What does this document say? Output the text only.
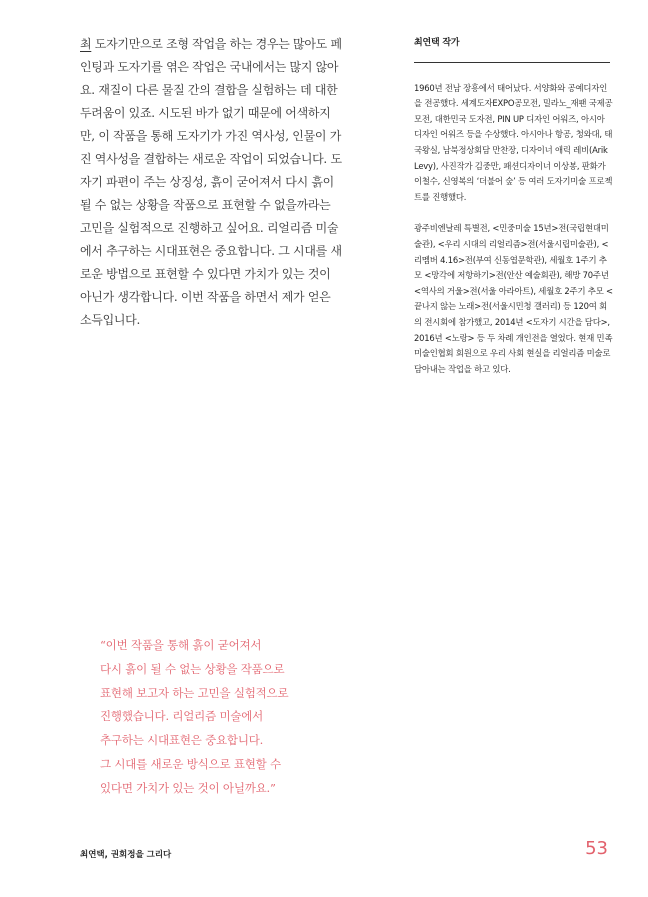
최 도자기만으로 조형 작업을 하는 경우는 많아도 페인팅과 도자기를 엮은 작업은 국내에서는 많지 않아요. 재질이 다른 물질 간의 결합을 실험하는 데 대한 두려움이 있죠. 시도된 바가 없기 때문에 어색하지만, 이 작품을 통해 도자기가 가진 역사성, 인물이 가진 역사성을 결합하는 새로운 작업이 되었습니다. 도자기 파편이 주는 상징성, 흙이 굳어져서 다시 흙이 될 수 없는 상황을 작품으로 표현할 수 없을까라는 고민을 실험적으로 진행하고 싶어요. 리얼리즘 미술에서 추구하는 시대표현은 중요합니다. 그 시대를 새로운 방법으로 표현할 수 있다면 가치가 있는 것이 아닌가 생각합니다. 이번 작품을 하면서 제가 얻은 소득입니다.

최연택 작가

1960년 전남 장흥에서 태어났다. 서양화와 공예디자인을 전공했다. 세계도자EXPO공모전, 밀라노_재팬 국제공모전, 대한민국 도자전, PIN UP 디자인 어워즈, 아시아 디자인 어워즈 등을 수상했다. 아시아나 항공, 청와대, 태국왕실, 남북정상회담 만찬장, 디자이너 애릭 레비(Arik Levy), 사진작가 김중만, 패션디자이너 이상봉, 판화가 이철수, 신영복의 ‘더불어 숲’ 등 여러 도자기미술 프로젝트를 진행했다.

광주비엔날레 특별전, <민중미술 15년>전(국립현대미술관), <우리 시대의 리얼리즘>전(서울시립미술관), <리멤버 4.16>전(부여 신동엽문학관), 세월호 1주기 추모 <망각에 저항하기>전(안산 예술회관), 해방 70주년 <역사의 거울>전(서울 아라아트), 세월호 2주기 추모 <끝나지 않는 노래>전(서울시민청 갤러리) 등 120여 회의 전시회에 참가했고, 2014년 <도자기 시간을 담다>, 2016년 <노랑> 등 두 차례 개인전을 열었다. 현재 민족미술인협회 회원으로 우리 사회 현실을 리얼리즘 미술로 담아내는 작업을 하고 있다.

“이번 작품을 통해 흙이 굳어져서

다시 흙이 될 수 없는 상황을 작품으로

표현해 보고자 하는 고민을 실험적으로

진행했습니다. 리얼리즘 미술에서

추구하는 시대표현은 중요합니다.

그 시대를 새로운 방식으로 표현할 수

있다면 가치가 있는 것이 아닐까요.”

최연택, 권회정을 그리다	53
